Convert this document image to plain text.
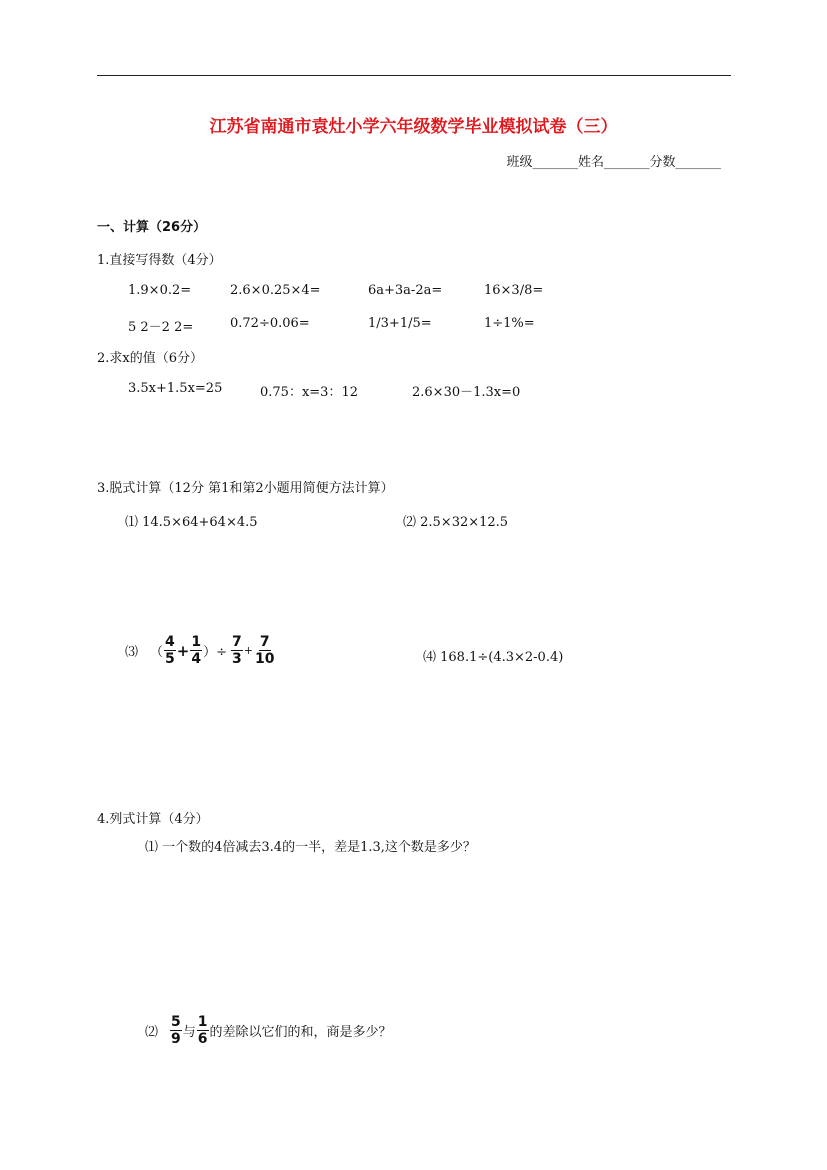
江苏省南通市袁灶小学六年级数学毕业模拟试卷（三）
班级_______姓名_______分数_______
一、计算（26分）
1.直接写得数（4分）
1.9×0.2=	2.6×0.25×4=	6a+3a-2a=	16×3/8=
5 2－2 2=	0.72÷0.06=	1/3+1/5=	1÷1%=
2.求x的值（6分）
3.5x+1.5x=25	0.75：x=3：12	2.6×30－1.3x=0
3.脱式计算（12分 第1和第2小题用简便方法计算）
⑴ 14.5×64+64×4.5	⑵ 2.5×32×12.5
⑶ （ $\frac{4}{5} + \frac{1}{4}$ ）÷ $\frac{7}{3} + \frac{7}{10}$	⑷ 168.1÷(4.3×2-0.4)
4.列式计算（4分）
⑴ 一个数的4倍减去3.4的一半，差是1.3,这个数是多少？
⑵ $\frac{5}{9}$ 与 $\frac{1}{6}$ 的差除以它们的和，商是多少？
